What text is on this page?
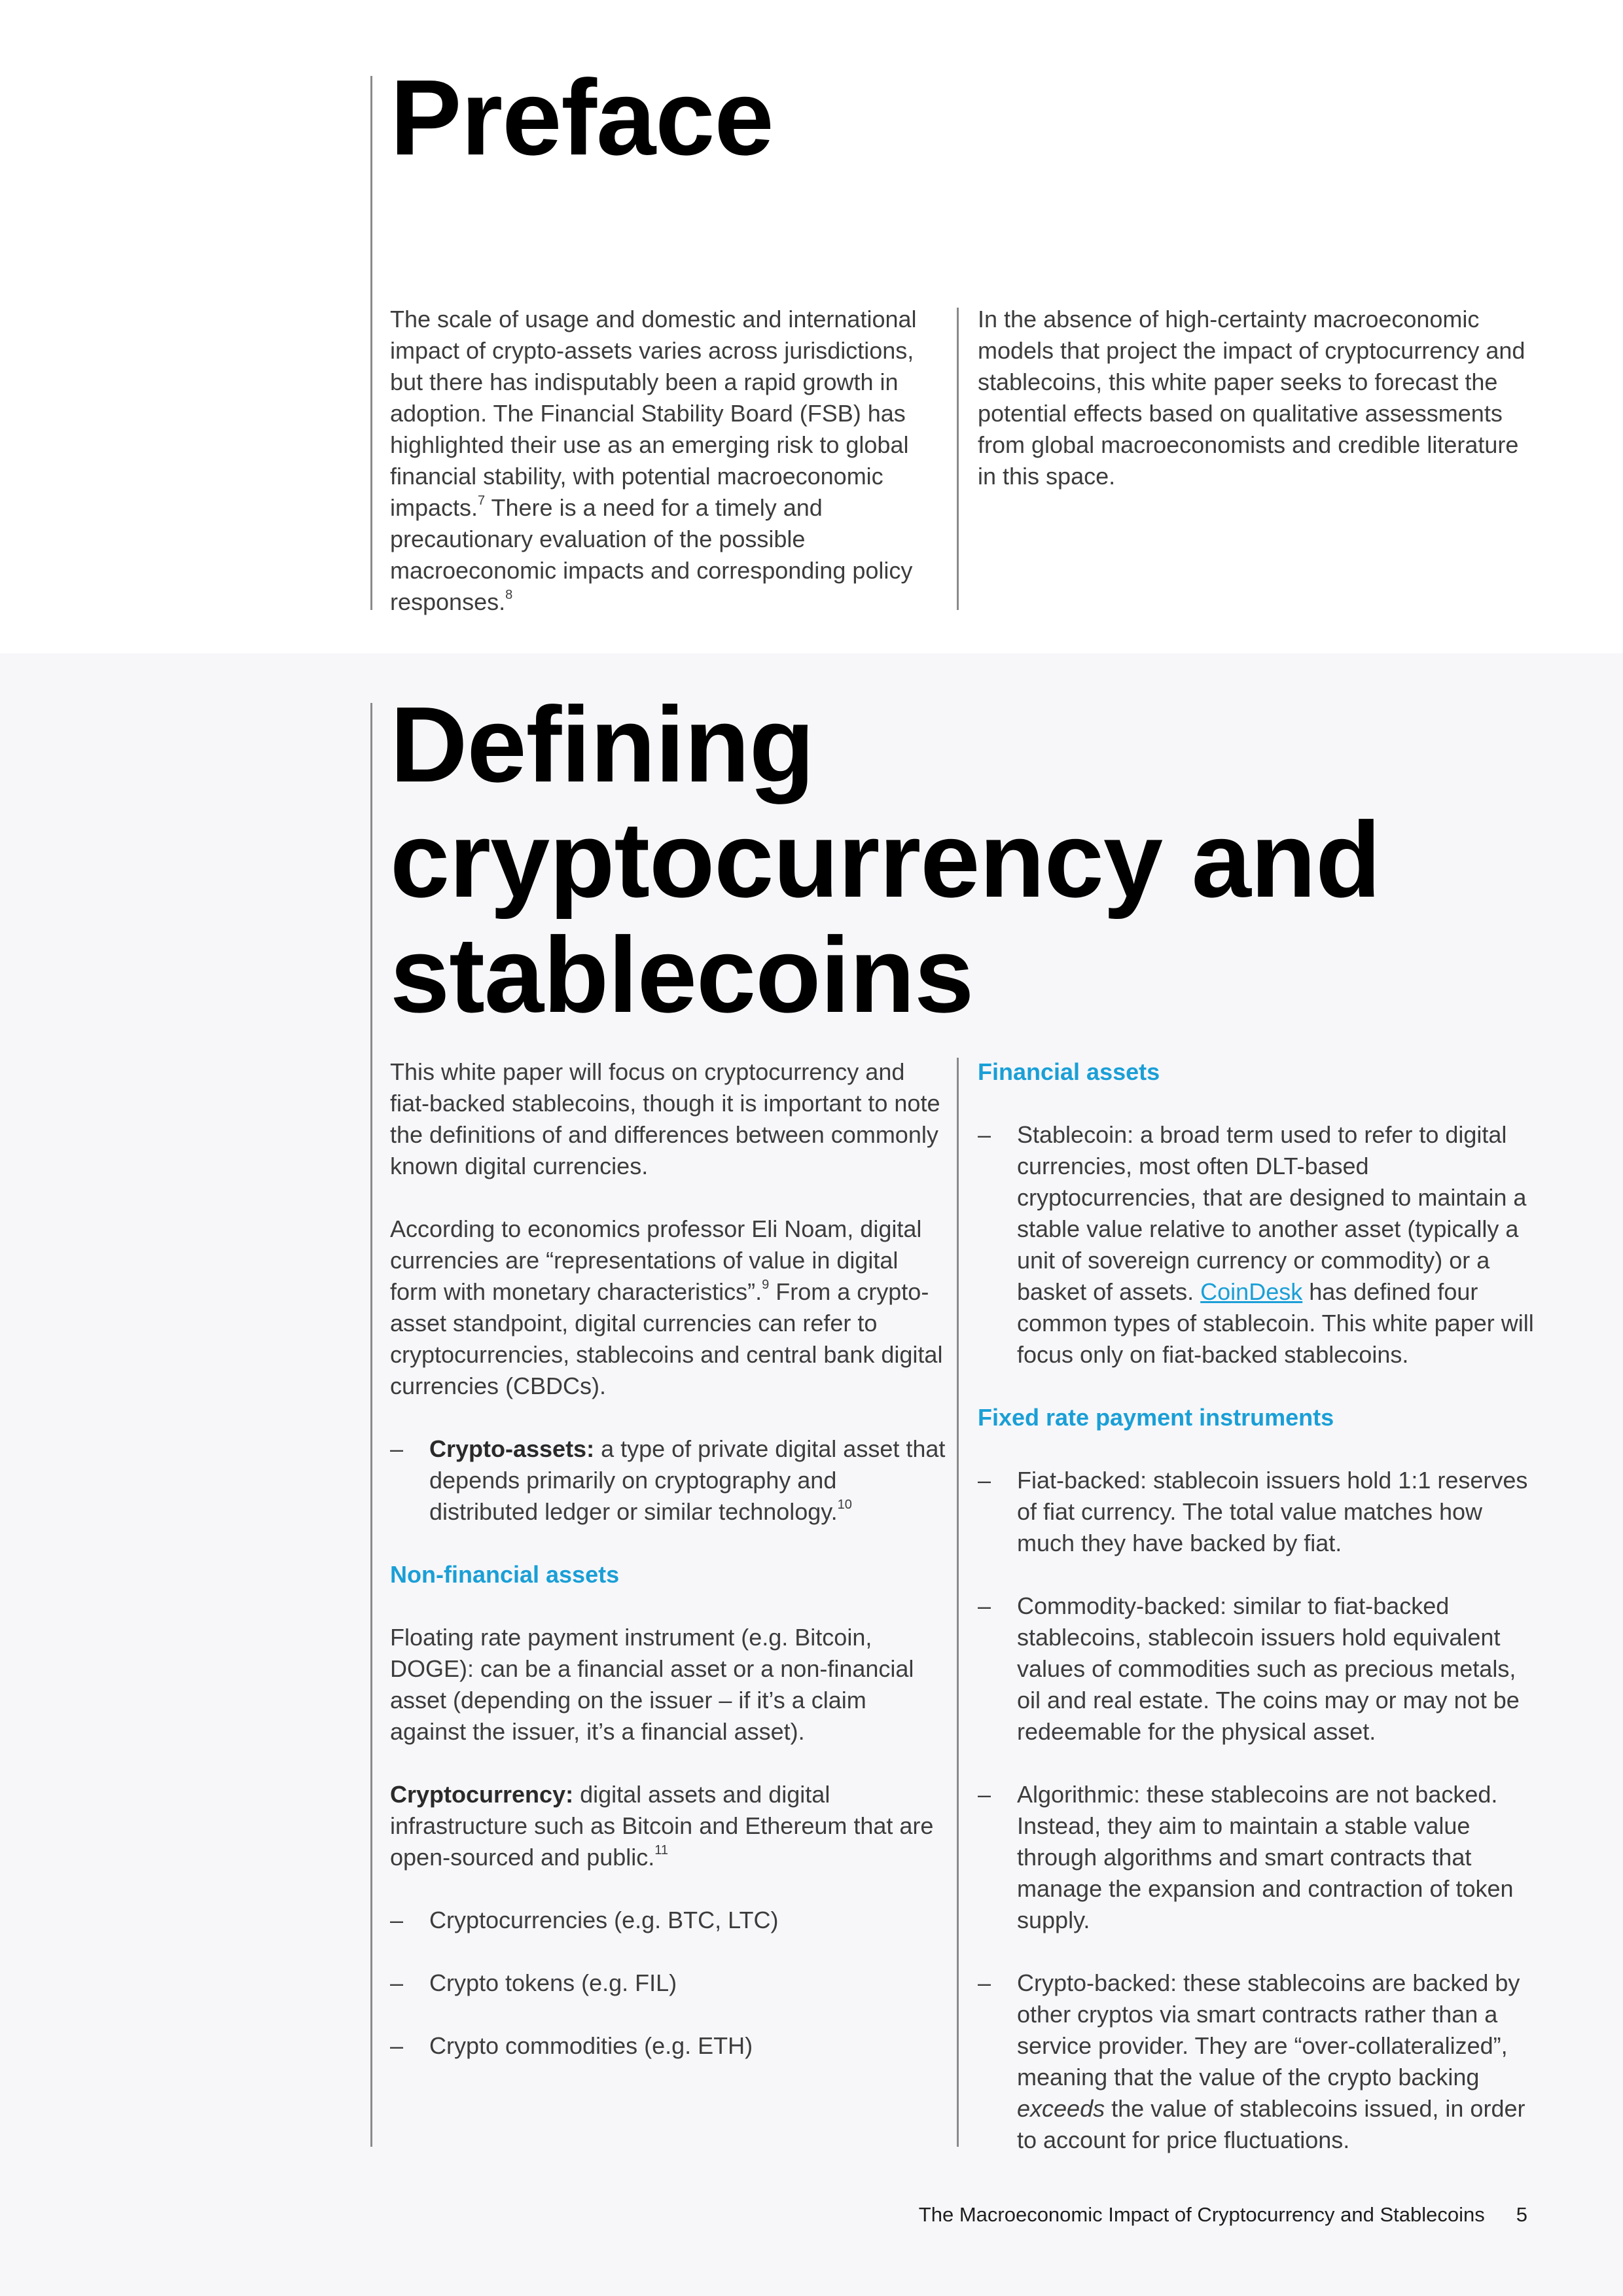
Preface

The scale of usage and domestic and international impact of crypto-assets varies across jurisdictions, but there has indisputably been a rapid growth in adoption. The Financial Stability Board (FSB) has highlighted their use as an emerging risk to global financial stability, with potential macroeconomic impacts.$^7$ There is a need for a timely and precautionary evaluation of the possible macroeconomic impacts and corresponding policy responses.$^8$

In the absence of high-certainty macroeconomic models that project the impact of cryptocurrency and stablecoins, this white paper seeks to forecast the potential effects based on qualitative assessments from global macroeconomists and credible literature in this space.

Defining cryptocurrency and stablecoins

This white paper will focus on cryptocurrency and fiat-backed stablecoins, though it is important to note the definitions of and differences between commonly known digital currencies.

According to economics professor Eli Noam, digital currencies are “representations of value in digital form with monetary characteristics”.$^9$ From a crypto-asset standpoint, digital currencies can refer to cryptocurrencies, stablecoins and central bank digital currencies (CBDCs).

– Crypto-assets: a type of private digital asset that depends primarily on cryptography and distributed ledger or similar technology.$^{10}$

Non-financial assets

Floating rate payment instrument (e.g. Bitcoin, DOGE): can be a financial asset or a non-financial asset (depending on the issuer – if it’s a claim against the issuer, it’s a financial asset).

Cryptocurrency: digital assets and digital infrastructure such as Bitcoin and Ethereum that are open-sourced and public.$^{11}$

– Cryptocurrencies (e.g. BTC, LTC)

– Crypto tokens (e.g. FIL)

– Crypto commodities (e.g. ETH)

Financial assets

– Stablecoin: a broad term used to refer to digital currencies, most often DLT-based cryptocurrencies, that are designed to maintain a stable value relative to another asset (typically a unit of sovereign currency or commodity) or a basket of assets. CoinDesk has defined four common types of stablecoin. This white paper will focus only on fiat-backed stablecoins.

Fixed rate payment instruments

– Fiat-backed: stablecoin issuers hold 1:1 reserves of fiat currency. The total value matches how much they have backed by fiat.

– Commodity-backed: similar to fiat-backed stablecoins, stablecoin issuers hold equivalent values of commodities such as precious metals, oil and real estate. The coins may or may not be redeemable for the physical asset.

– Algorithmic: these stablecoins are not backed. Instead, they aim to maintain a stable value through algorithms and smart contracts that manage the expansion and contraction of token supply.

– Crypto-backed: these stablecoins are backed by other cryptos via smart contracts rather than a service provider. They are “over-collateralized”, meaning that the value of the crypto backing exceeds the value of stablecoins issued, in order to account for price fluctuations.

The Macroeconomic Impact of Cryptocurrency and Stablecoins 5
